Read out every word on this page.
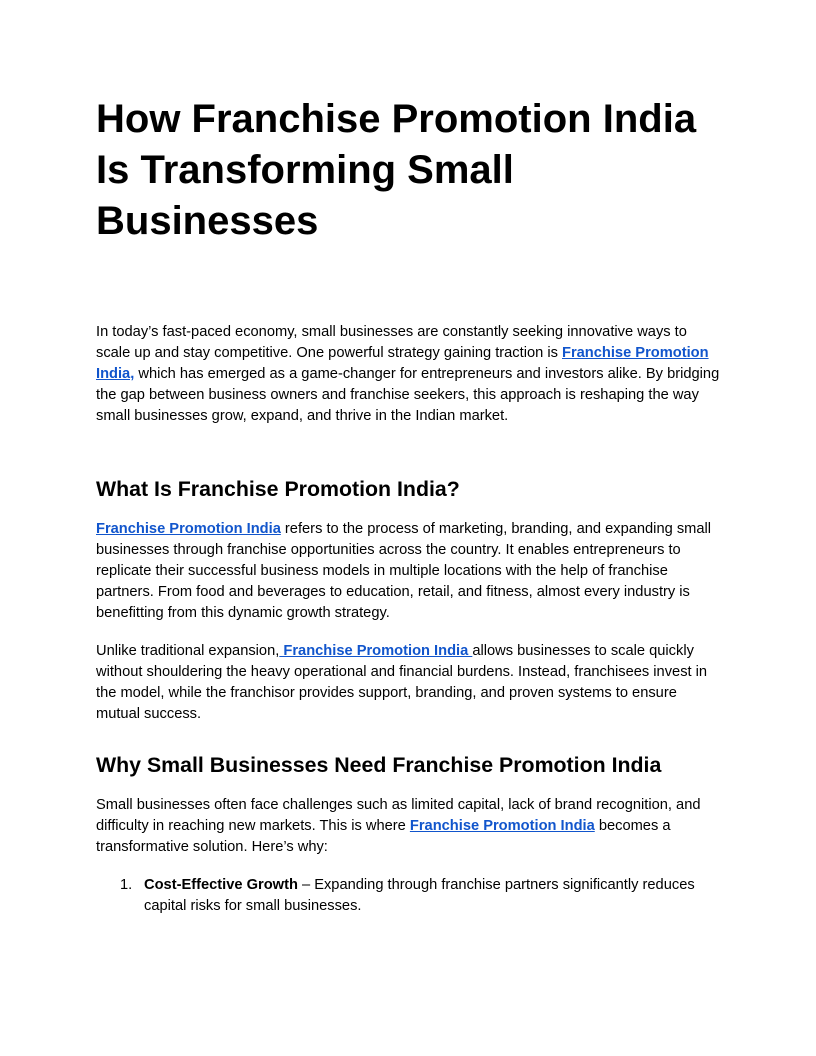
How Franchise Promotion India Is Transforming Small Businesses

In today’s fast-paced economy, small businesses are constantly seeking innovative ways to scale up and stay competitive. One powerful strategy gaining traction is Franchise Promotion India, which has emerged as a game-changer for entrepreneurs and investors alike. By bridging the gap between business owners and franchise seekers, this approach is reshaping the way small businesses grow, expand, and thrive in the Indian market.

What Is Franchise Promotion India?

Franchise Promotion India refers to the process of marketing, branding, and expanding small businesses through franchise opportunities across the country. It enables entrepreneurs to replicate their successful business models in multiple locations with the help of franchise partners. From food and beverages to education, retail, and fitness, almost every industry is benefitting from this dynamic growth strategy.

Unlike traditional expansion, Franchise Promotion India allows businesses to scale quickly without shouldering the heavy operational and financial burdens. Instead, franchisees invest in the model, while the franchisor provides support, branding, and proven systems to ensure mutual success.

Why Small Businesses Need Franchise Promotion India

Small businesses often face challenges such as limited capital, lack of brand recognition, and difficulty in reaching new markets. This is where Franchise Promotion India becomes a transformative solution. Here’s why:

1. Cost-Effective Growth – Expanding through franchise partners significantly reduces capital risks for small businesses.
